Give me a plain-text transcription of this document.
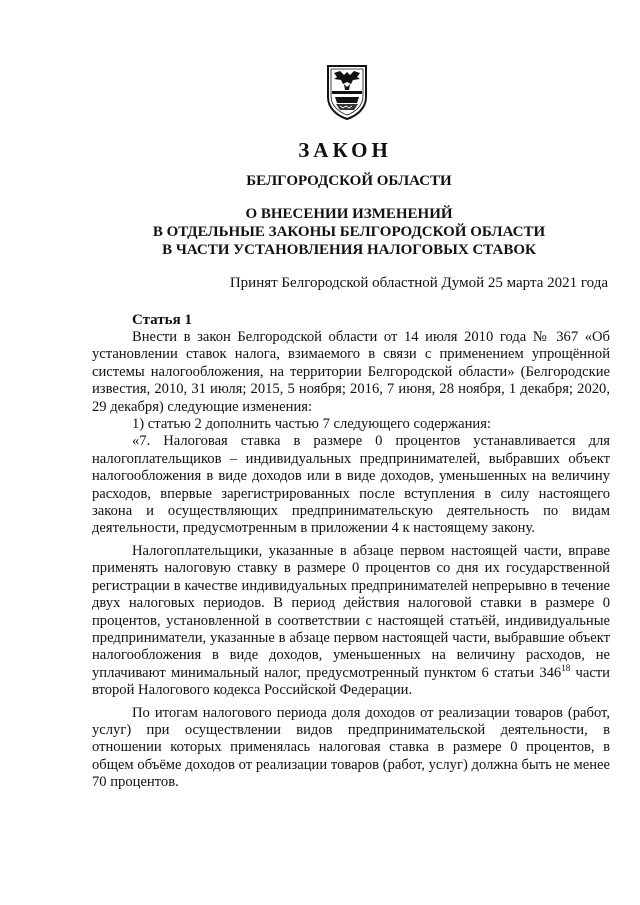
ЗАКОН
БЕЛГОРОДСКОЙ ОБЛАСТИ
О ВНЕСЕНИИ ИЗМЕНЕНИЙ
В ОТДЕЛЬНЫЕ ЗАКОНЫ БЕЛГОРОДСКОЙ ОБЛАСТИ
В ЧАСТИ УСТАНОВЛЕНИЯ НАЛОГОВЫХ СТАВОК
Принят Белгородской областной Думой 25 марта 2021 года
Статья 1

Внести в закон Белгородской области от 14 июля 2010 года № 367 «Об установлении ставок налога, взимаемого в связи с применением упрощённой системы налогообложения, на территории Белгородской области» (Белгородские известия, 2010, 31 июля; 2015, 5 ноября; 2016, 7 июня, 28 ноября, 1 декабря; 2020, 29 декабря) следующие изменения:

1) статью 2 дополнить частью 7 следующего содержания:

«7. Налоговая ставка в размере 0 процентов устанавливается для налогоплательщиков – индивидуальных предпринимателей, выбравших объект налогообложения в виде доходов или в виде доходов, уменьшенных на величину расходов, впервые зарегистрированных после вступления в силу настоящего закона и осуществляющих предпринимательскую деятельность по видам деятельности, предусмотренным в приложении 4 к настоящему закону.

Налогоплательщики, указанные в абзаце первом настоящей части, вправе применять налоговую ставку в размере 0 процентов со дня их государственной регистрации в качестве индивидуальных предпринимателей непрерывно в течение двух налоговых периодов. В период действия налоговой ставки в размере 0 процентов, установленной в соответствии с настоящей статьёй, индивидуальные предприниматели, указанные в абзаце первом настоящей части, выбравшие объект налогообложения в виде доходов, уменьшенных на величину расходов, не уплачивают минимальный налог, предусмотренный пунктом 6 статьи $346^{18}$ части второй Налогового кодекса Российской Федерации.

По итогам налогового периода доля доходов от реализации товаров (работ, услуг) при осуществлении видов предпринимательской деятельности, в отношении которых применялась налоговая ставка в размере 0 процентов, в общем объёме доходов от реализации товаров (работ, услуг) должна быть не менее 70 процентов.
